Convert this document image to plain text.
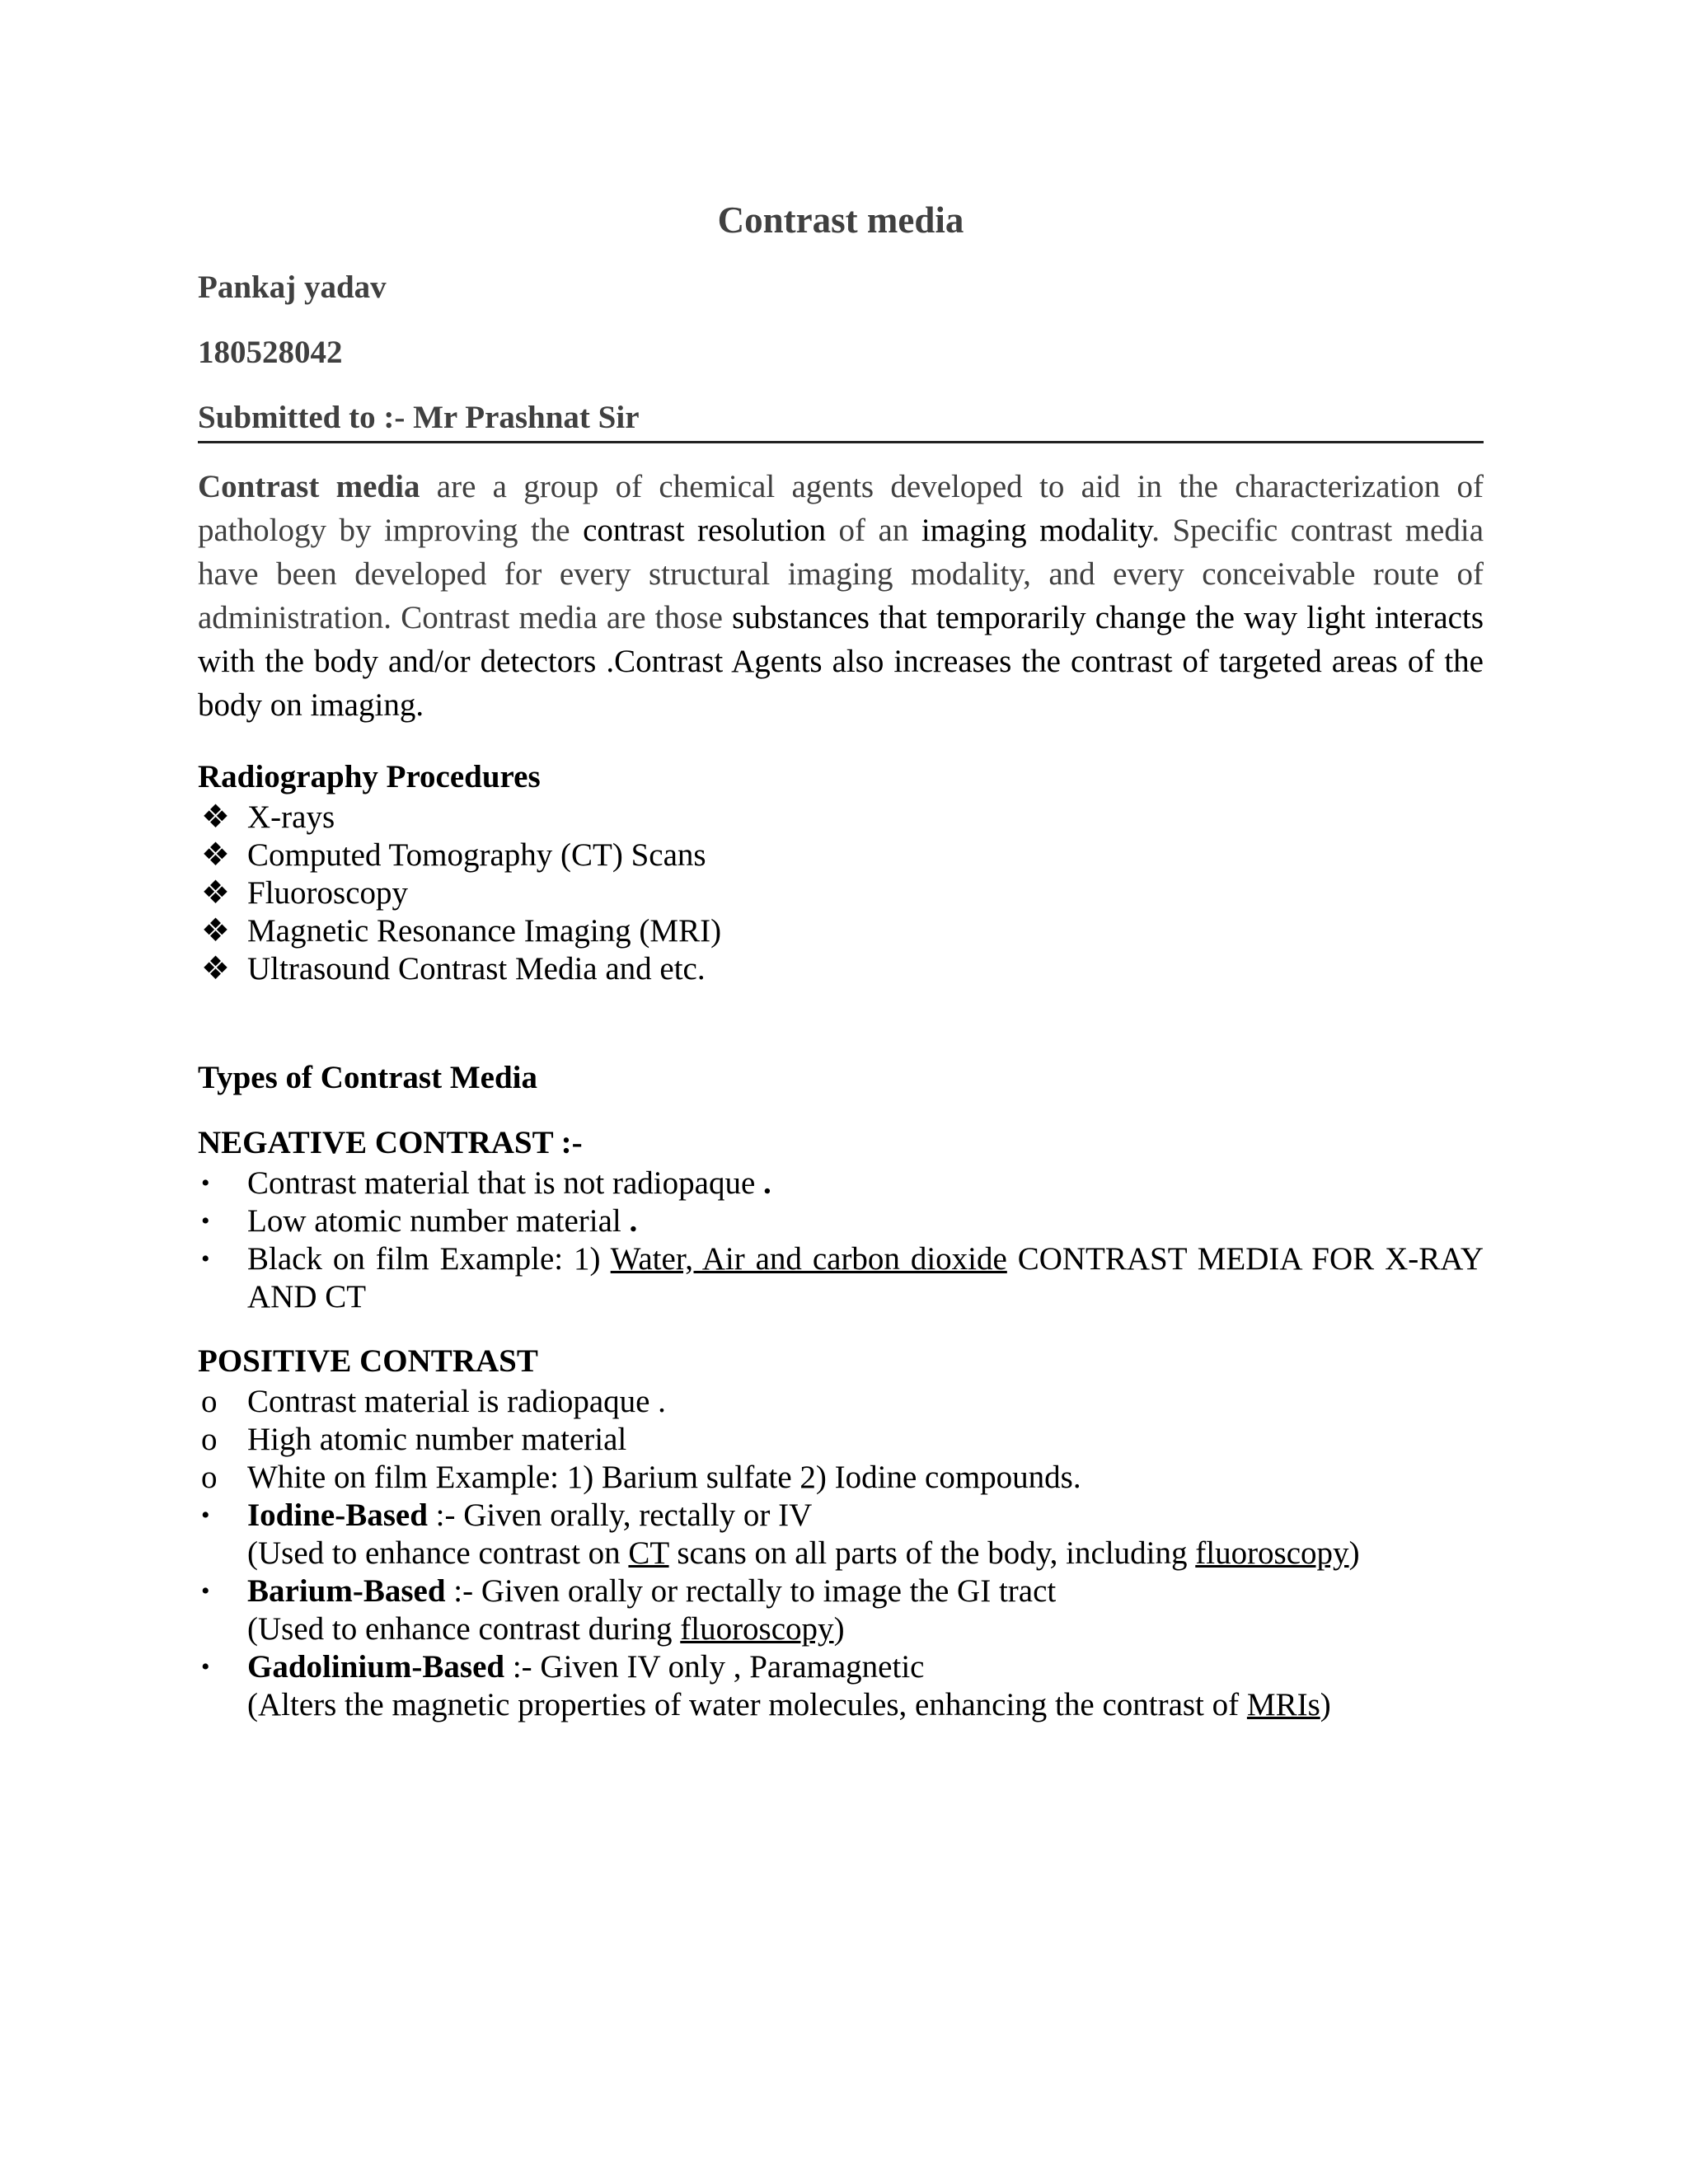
Contrast media

Pankaj yadav

180528042

Submitted to :- Mr Prashnat Sir

Contrast media are a group of chemical agents developed to aid in the characterization of pathology by improving the contrast resolution of an imaging modality. Specific contrast media have been developed for every structural imaging modality, and every conceivable route of administration. Contrast media are those substances that temporarily change the way light interacts with the body and/or detectors .Contrast Agents also increases the contrast of targeted areas of the body on imaging.

Radiography Procedures
❖ X-rays
❖ Computed Tomography (CT) Scans
❖ Fluoroscopy
❖ Magnetic Resonance Imaging (MRI)
❖ Ultrasound Contrast Media and etc.
Types of Contrast Media
NEGATIVE CONTRAST :-
• Contrast material that is not radiopaque .
• Low atomic number material .
• Black on film Example: 1) Water, Air and carbon dioxide CONTRAST MEDIA FOR X-RAY AND CT
POSITIVE CONTRAST
o Contrast material is radiopaque .
o High atomic number material
o White on film Example: 1) Barium sulfate 2) Iodine compounds.
• Iodine-Based :- Given orally, rectally or IV
(Used to enhance contrast on CT scans on all parts of the body, including fluoroscopy)
• Barium-Based :- Given orally or rectally to image the GI tract
(Used to enhance contrast during fluoroscopy)
• Gadolinium-Based :- Given IV only , Paramagnetic
(Alters the magnetic properties of water molecules, enhancing the contrast of MRIs)
